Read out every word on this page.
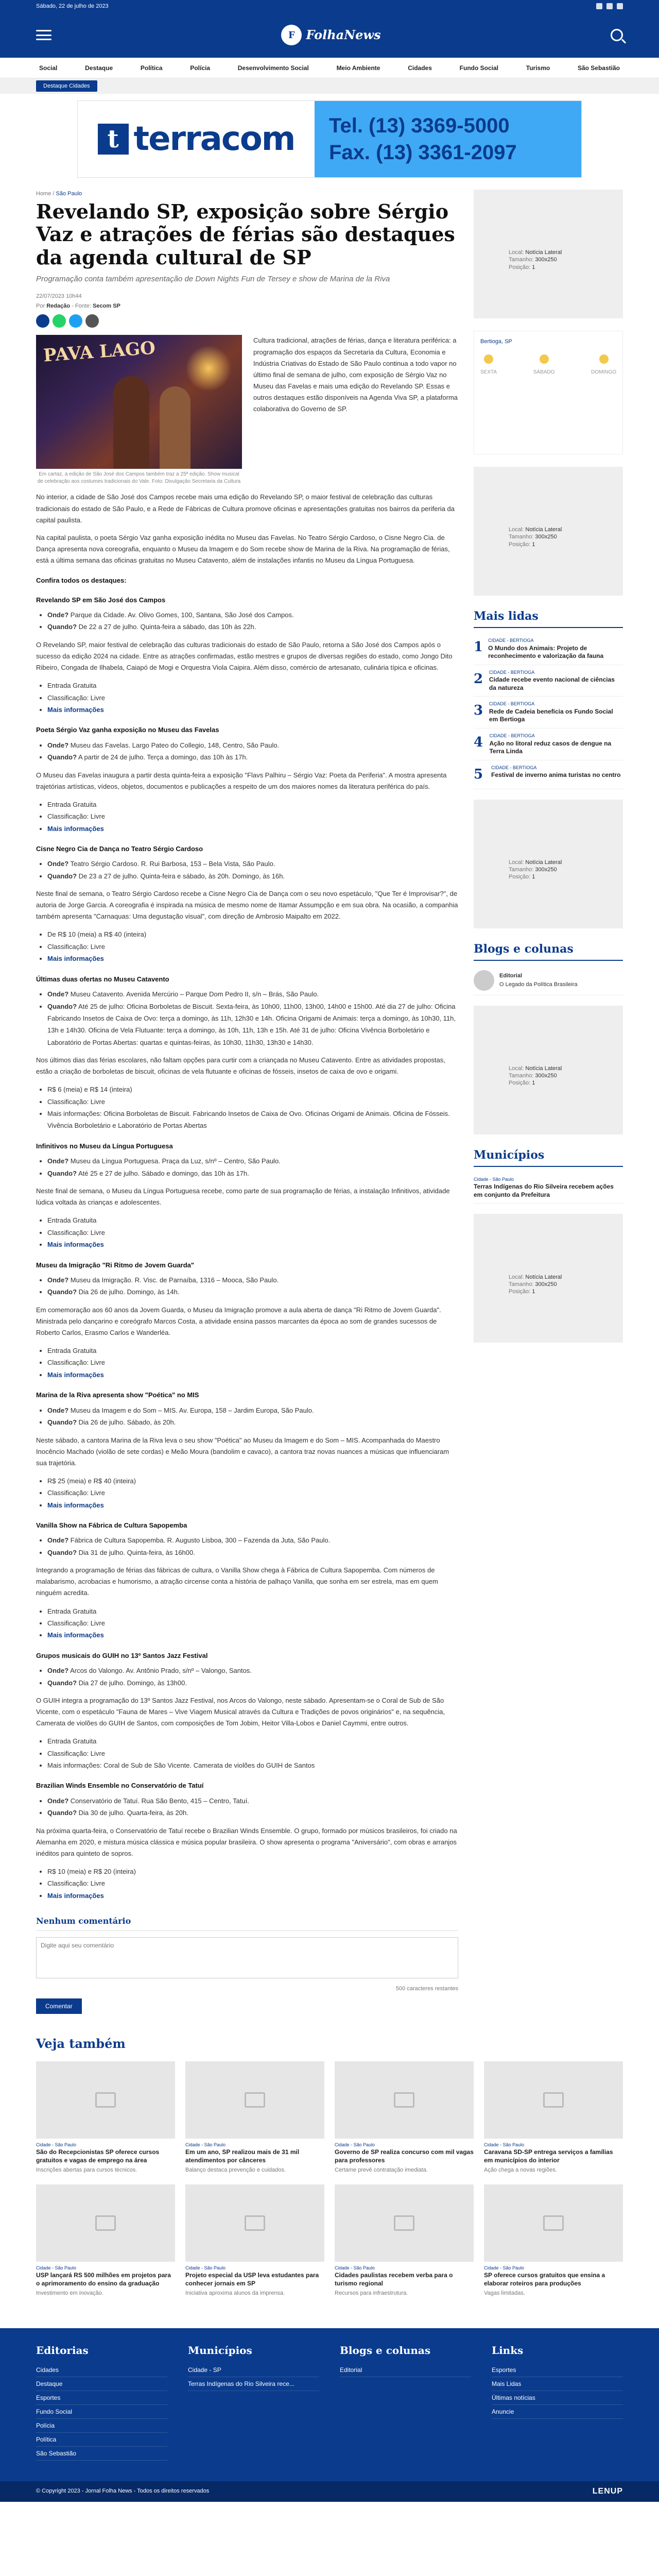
Sábado, 22 de julho de 2023
F FolhaNews
Social	Destaque	Política	Polícia	Desenvolvimento Social	Meio Ambiente	Cidades	Fundo Social	Turismo	São Sebastião
Destaque Cidades
t terracom Tel. (13) 3369-5000
Fax. (13) 3361-2097
Home / São Paulo
Revelando SP, exposição sobre Sérgio Vaz e atrações de férias são destaques da agenda cultural de SP
Programação conta também apresentação de Down Nights Fun de Tersey e show de Marina de la Riva
22/07/2023 10h44
Por Redação - Fonte: Secom SP
PAVA LAGO
Em cartaz, a edição de São José dos Campos também traz a 25ª edição. Show musical de celebração aos costumes tradicionais do Vale. Foto: Divulgação Secretaria da Cultura
Cultura tradicional, atrações de férias, dança e literatura periférica: a programação dos espaços da Secretaria da Cultura, Economia e Indústria Criativas do Estado de São Paulo continua a todo vapor no último final de semana de julho, com exposição de Sérgio Vaz no Museu das Favelas e mais uma edição do Revelando SP. Essas e outros destaques estão disponíveis na Agenda Viva SP, a plataforma colaborativa do Governo de SP.

No interior, a cidade de São José dos Campos recebe mais uma edição do Revelando SP, o maior festival de celebração das culturas tradicionais do estado de São Paulo, e a Rede de Fábricas de Cultura promove oficinas e apresentações gratuitas nos bairros da periferia da capital paulista.

Na capital paulista, o poeta Sérgio Vaz ganha exposição inédita no Museu das Favelas. No Teatro Sérgio Cardoso, o Cisne Negro Cia. de Dança apresenta nova coreografia, enquanto o Museu da Imagem e do Som recebe show de Marina de la Riva. Na programação de férias, está a última semana das oficinas gratuitas no Museu Catavento, além de instalações infantis no Museu da Língua Portuguesa.

Confira todos os destaques:
Revelando SP em São José dos Campos
• Onde? Parque da Cidade. Av. Olivo Gomes, 100, Santana, São José dos Campos.
• Quando? De 22 a 27 de julho. Quinta-feira a sábado, das 10h às 22h.

O Revelando SP, maior festival de celebração das culturas tradicionais do estado de São Paulo, retorna a São José dos Campos após o sucesso da edição 2024 na cidade. Entre as atrações confirmadas, estão mestres e grupos de diversas regiões do estado, como Jongo Dito Ribeiro, Congada de Ilhabela, Caiapó de Mogi e Orquestra Viola Caipira. Além disso, comércio de artesanato, culinária típica e oficinas.

• Entrada Gratuita
• Classificação: Livre
• Mais informações
Poeta Sérgio Vaz ganha exposição no Museu das Favelas
• Onde? Museu das Favelas. Largo Pateo do Collegio, 148, Centro, São Paulo.
• Quando? A partir de 24 de julho. Terça a domingo, das 10h às 17h.

O Museu das Favelas inaugura a partir desta quinta-feira a exposição "Flavs Palhiru – Sérgio Vaz: Poeta da Periferia". A mostra apresenta trajetórias artísticas, vídeos, objetos, documentos e publicações a respeito de um dos maiores nomes da literatura periférica do país.

• Entrada Gratuita
• Classificação: Livre
• Mais informações
Cisne Negro Cia de Dança no Teatro Sérgio Cardoso
• Onde? Teatro Sérgio Cardoso. R. Rui Barbosa, 153 – Bela Vista, São Paulo.
• Quando? De 23 a 27 de julho. Quinta-feira e sábado, às 20h. Domingo, às 16h.

Neste final de semana, o Teatro Sérgio Cardoso recebe a Cisne Negro Cia de Dança com o seu novo espetáculo, "Que Ter é Improvisar?", de autoria de Jorge Garcia. A coreografia é inspirada na música de mesmo nome de Itamar Assumpção e em sua obra. Na ocasião, a companhia também apresenta "Carnaquas: Uma degustação visual", com direção de Ambrosio Maipalto em 2022.

• De R$ 10 (meia) a R$ 40 (inteira)
• Classificação: Livre
• Mais informações
Últimas duas ofertas no Museu Catavento
• Onde? Museu Catavento. Avenida Mercúrio – Parque Dom Pedro II, s/n – Brás, São Paulo.
• Quando? Até 25 de julho: Oficina Borboletas de Biscuit. Sexta-feira, às 10h00, 11h00, 13h00, 14h00 e 15h00. Até dia 27 de julho: Oficina Fabricando Insetos de Caixa de Ovo: terça a domingo, às 11h, 12h30 e 14h. Oficina Origami de Animais: terça a domingo, às 10h30, 11h, 13h e 14h30. Oficina de Vela Flutuante: terça a domingo, às 10h, 11h, 13h e 15h. Até 31 de julho: Oficina Vivência Borboletário e Laboratório de Portas Abertas: quartas e quintas-feiras, às 10h30, 11h30, 13h30 e 14h30.

Nos últimos dias das férias escolares, não faltam opções para curtir com a criançada no Museu Catavento. Entre as atividades propostas, estão a criação de borboletas de biscuit, oficinas de vela flutuante e oficinas de fósseis, insetos de caixa de ovo e origami.

• R$ 6 (meia) e R$ 14 (inteira)
• Classificação: Livre
• Mais informações: Oficina Borboletas de Biscuit. Fabricando Insetos de Caixa de Ovo. Oficinas Origami de Animais. Oficina de Fósseis. Vivência Borboletário e Laboratório de Portas Abertas
Infinitivos no Museu da Língua Portuguesa
• Onde? Museu da Língua Portuguesa. Praça da Luz, s/nº – Centro, São Paulo.
• Quando? Até 25 e 27 de julho. Sábado e domingo, das 10h às 17h.

Neste final de semana, o Museu da Língua Portuguesa recebe, como parte de sua programação de férias, a instalação Infinitivos, atividade lúdica voltada às crianças e adolescentes.

• Entrada Gratuita
• Classificação: Livre
• Mais informações
Museu da Imigração "Ri Ritmo de Jovem Guarda"
• Onde? Museu da Imigração. R. Visc. de Parnaíba, 1316 – Mooca, São Paulo.
• Quando? Dia 26 de julho. Domingo, às 14h.

Em comemoração aos 60 anos da Jovem Guarda, o Museu da Imigração promove a aula aberta de dança "Ri Ritmo de Jovem Guarda". Ministrada pelo dançarino e coreógrafo Marcos Costa, a atividade ensina passos marcantes da época ao som de grandes sucessos de Roberto Carlos, Erasmo Carlos e Wanderléa.

• Entrada Gratuita
• Classificação: Livre
• Mais informações
Marina de la Riva apresenta show "Poética" no MIS
• Onde? Museu da Imagem e do Som – MIS. Av. Europa, 158 – Jardim Europa, São Paulo.
• Quando? Dia 26 de julho. Sábado, às 20h.

Neste sábado, a cantora Marina de la Riva leva o seu show "Poética" ao Museu da Imagem e do Som – MIS. Acompanhada do Maestro Inocêncio Machado (violão de sete cordas) e Meão Moura (bandolim e cavaco), a cantora traz novas nuances a músicas que influenciaram sua trajetória.

• R$ 25 (meia) e R$ 40 (inteira)
• Classificação: Livre
• Mais informações
Vanilla Show na Fábrica de Cultura Sapopemba
• Onde? Fábrica de Cultura Sapopemba. R. Augusto Lisboa, 300 – Fazenda da Juta, São Paulo.
• Quando? Dia 31 de julho. Quinta-feira, às 16h00.

Integrando a programação de férias das fábricas de cultura, o Vanilla Show chega à Fábrica de Cultura Sapopemba. Com números de malabarismo, acrobacias e humorismo, a atração circense conta a história de palhaço Vanilla, que sonha em ser estrela, mas em quem ninguém acredita.

• Entrada Gratuita
• Classificação: Livre
• Mais informações
Grupos musicais do GUIH no 13º Santos Jazz Festival
• Onde? Arcos do Valongo. Av. Antônio Prado, s/nº – Valongo, Santos.
• Quando? Dia 27 de julho. Domingo, às 13h00.

O GUIH integra a programação do 13º Santos Jazz Festival, nos Arcos do Valongo, neste sábado. Apresentam-se o Coral de Sub de São Vicente, com o espetáculo "Fauna de Mares – Vive Viagem Musical através da Cultura e Tradições de povos originários" e, na sequência, Camerata de violões do GUIH de Santos, com composições de Tom Jobim, Heitor Villa-Lobos e Daniel Caymmi, entre outros.

• Entrada Gratuita
• Classificação: Livre
• Mais informações: Coral de Sub de São Vicente. Camerata de violões do GUIH de Santos
Brazilian Winds Ensemble no Conservatório de Tatuí
• Onde? Conservatório de Tatuí. Rua São Bento, 415 – Centro, Tatuí.
• Quando? Dia 30 de julho. Quarta-feira, às 20h.

Na próxima quarta-feira, o Conservatório de Tatuí recebe o Brazilian Winds Ensemble. O grupo, formado por músicos brasileiros, foi criado na Alemanha em 2020, e mistura música clássica e música popular brasileira. O show apresenta o programa "Aniversário", com obras e arranjos inéditos para quinteto de sopros.

• R$ 10 (meia) e R$ 20 (inteira)
• Classificação: Livre
• Mais informações
Nenhum comentário
Digite aqui seu comentário
500 caracteres restantes
Comentar
Local: Notícia Lateral
Tamanho: 300x250
Posição: 1
Bertioga, SP

SEXTA	SÁBADO	DOMINGO
Local: Notícia Lateral
Tamanho: 300x250
Posição: 1
Mais lidas
1 CIDADE - BERTIOGA
O Mundo dos Animais: Projeto de reconhecimento e valorização da fauna
2 CIDADE - BERTIOGA
Cidade recebe evento nacional de ciências da natureza
3 CIDADE - BERTIOGA
Rede de Cadeia beneficia os Fundo Social em Bertioga
4 CIDADE - BERTIOGA
Ação no litoral reduz casos de dengue na Terra Linda
5	CIDADE - BERTIOGA
Festival de inverno anima turistas no centro
Local: Notícia Lateral
Tamanho: 300x250
Posição: 1
Blogs e colunas
Editorial
O Legado da Política Brasileira
Local: Notícia Lateral
Tamanho: 300x250
Posição: 1
Municípios
Cidade - São Paulo
Terras Indígenas do Rio Silveira recebem ações em conjunto da Prefeitura
Local: Notícia Lateral
Tamanho: 300x250
Posição: 1
Veja também
Cidade - São Paulo
São do Recepcionistas SP oferece cursos gratuitos e vagas de emprego na área
Inscrições abertas para cursos técnicos.
Cidade - São Paulo
Em um ano, SP realizou mais de 31 mil atendimentos por cânceres
Balanço destaca prevenção e cuidados.
Cidade - São Paulo
Governo de SP realiza concurso com mil vagas para professores
Certame prevê contratação imediata.
Cidade - São Paulo
Caravana SD-SP entrega serviços a famílias em municípios do interior
Ação chega a novas regiões.
Cidade - São Paulo
USP lançará RS 500 milhões em projetos para o aprimoramento do ensino da graduação
Investimento em inovação.
Cidade - São Paulo
Projeto especial da USP leva estudantes para conhecer jornais em SP
Iniciativa aproxima alunos da imprensa.
Cidade - São Paulo
Cidades paulistas recebem verba para o turismo regional
Recursos para infraestrutura.
Cidade - São Paulo
SP oferece cursos gratuitos que ensina a elaborar roteiros para produções
Vagas limitadas.
Editorias
Cidades
Destaque
Esportes
Fundo Social
Polícia
Política
São Sebastião
Municípios
Cidade - SP
Terras Indígenas do Rio Silveira rece...
Blogs e colunas
Editorial
Links
Esportes
Mais Lidas
Últimas notícias
Anuncie
© Copyright 2023 - Jornal Folha News - Todos os direitos reservados	LENUP
